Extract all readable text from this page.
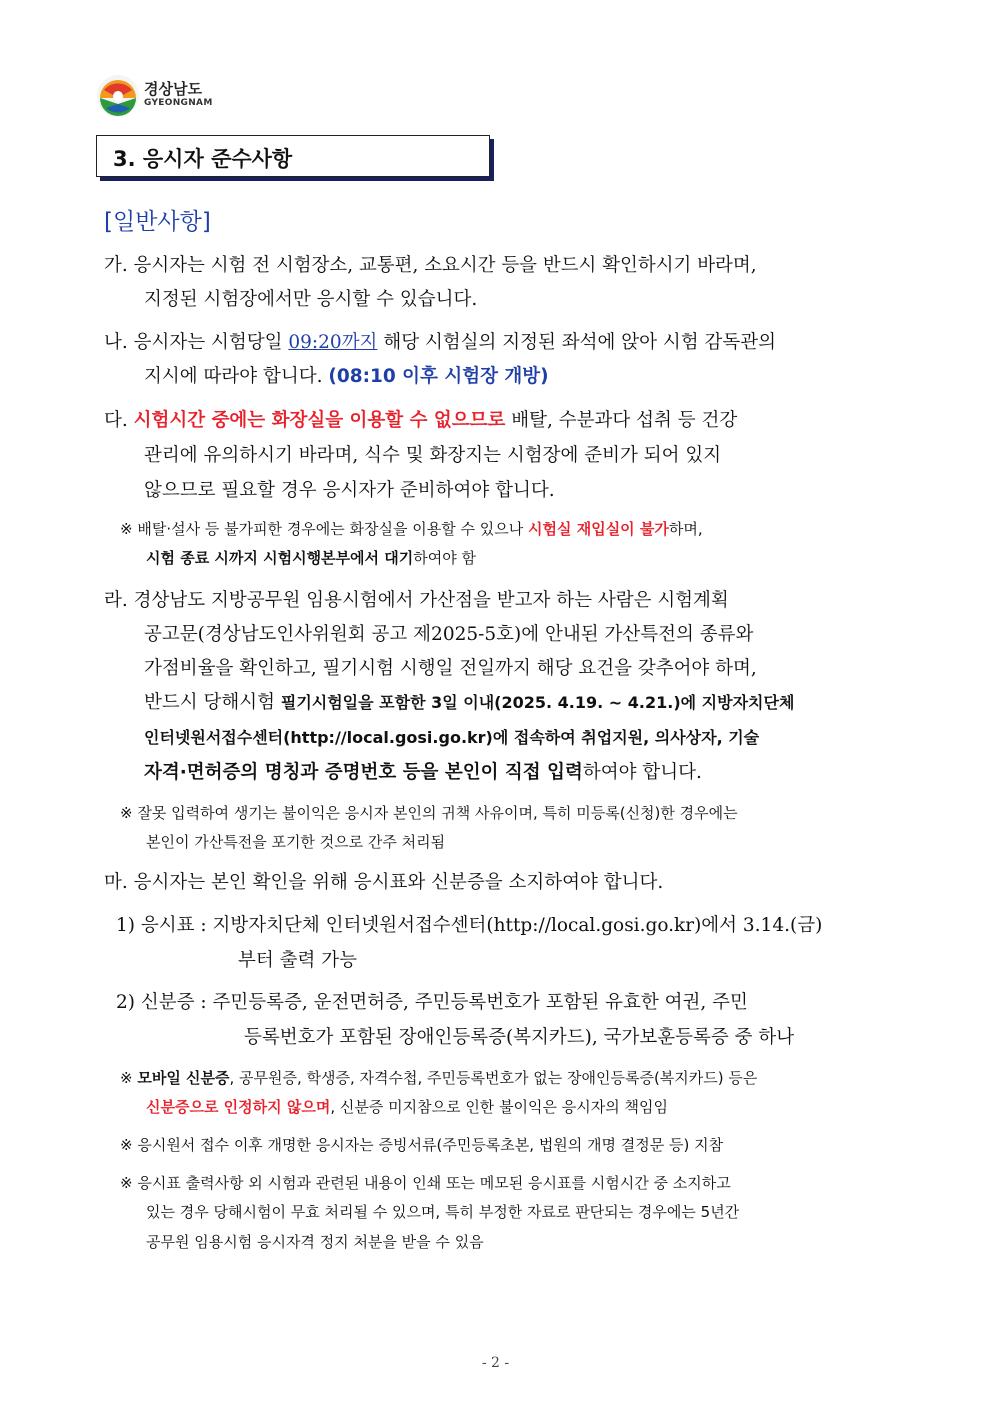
경상남도
GYEONGNAM
3. 응시자 준수사항
[일반사항]
가. 응시자는 시험 전 시험장소, 교통편, 소요시간 등을 반드시 확인하시기 바라며,
지정된 시험장에서만 응시할 수 있습니다.
나. 응시자는 시험당일 09:20까지 해당 시험실의 지정된 좌석에 앉아 시험 감독관의
지시에 따라야 합니다. (08:10 이후 시험장 개방)
다. 시험시간 중에는 화장실을 이용할 수 없으므로 배탈, 수분과다 섭취 등 건강
관리에 유의하시기 바라며, 식수 및 화장지는 시험장에 준비가 되어 있지
않으므로 필요할 경우 응시자가 준비하여야 합니다.
※ 배탈·설사 등 불가피한 경우에는 화장실을 이용할 수 있으나 시험실 재입실이 불가하며,
시험 종료 시까지 시험시행본부에서 대기하여야 함
라. 경상남도 지방공무원 임용시험에서 가산점을 받고자 하는 사람은 시험계획
공고문(경상남도인사위원회 공고 제2025-5호)에 안내된 가산특전의 종류와
가점비율을 확인하고, 필기시험 시행일 전일까지 해당 요건을 갖추어야 하며,
반드시 당해시험 필기시험일을 포함한 3일 이내(2025. 4.19. ~ 4.21.)에 지방자치단체
인터넷원서접수센터(http://local.gosi.go.kr)에 접속하여 취업지원, 의사상자, 기술
자격·면허증의 명칭과 증명번호 등을 본인이 직접 입력하여야 합니다.
※ 잘못 입력하여 생기는 불이익은 응시자 본인의 귀책 사유이며, 특히 미등록(신청)한 경우에는
본인이 가산특전을 포기한 것으로 간주 처리됨
마. 응시자는 본인 확인을 위해 응시표와 신분증을 소지하여야 합니다.
1) 응시표 : 지방자치단체 인터넷원서접수센터(http://local.gosi.go.kr)에서 3.14.(금)
부터 출력 가능
2) 신분증 : 주민등록증, 운전면허증, 주민등록번호가 포함된 유효한 여권, 주민
등록번호가 포함된 장애인등록증(복지카드), 국가보훈등록증 중 하나
※ 모바일 신분증, 공무원증, 학생증, 자격수첩, 주민등록번호가 없는 장애인등록증(복지카드) 등은
신분증으로 인정하지 않으며, 신분증 미지참으로 인한 불이익은 응시자의 책임임
※ 응시원서 접수 이후 개명한 응시자는 증빙서류(주민등록초본, 법원의 개명 결정문 등) 지참
※ 응시표 출력사항 외 시험과 관련된 내용이 인쇄 또는 메모된 응시표를 시험시간 중 소지하고
있는 경우 당해시험이 무효 처리될 수 있으며, 특히 부정한 자료로 판단되는 경우에는 5년간
공무원 임용시험 응시자격 정지 처분을 받을 수 있음
- 2 -
